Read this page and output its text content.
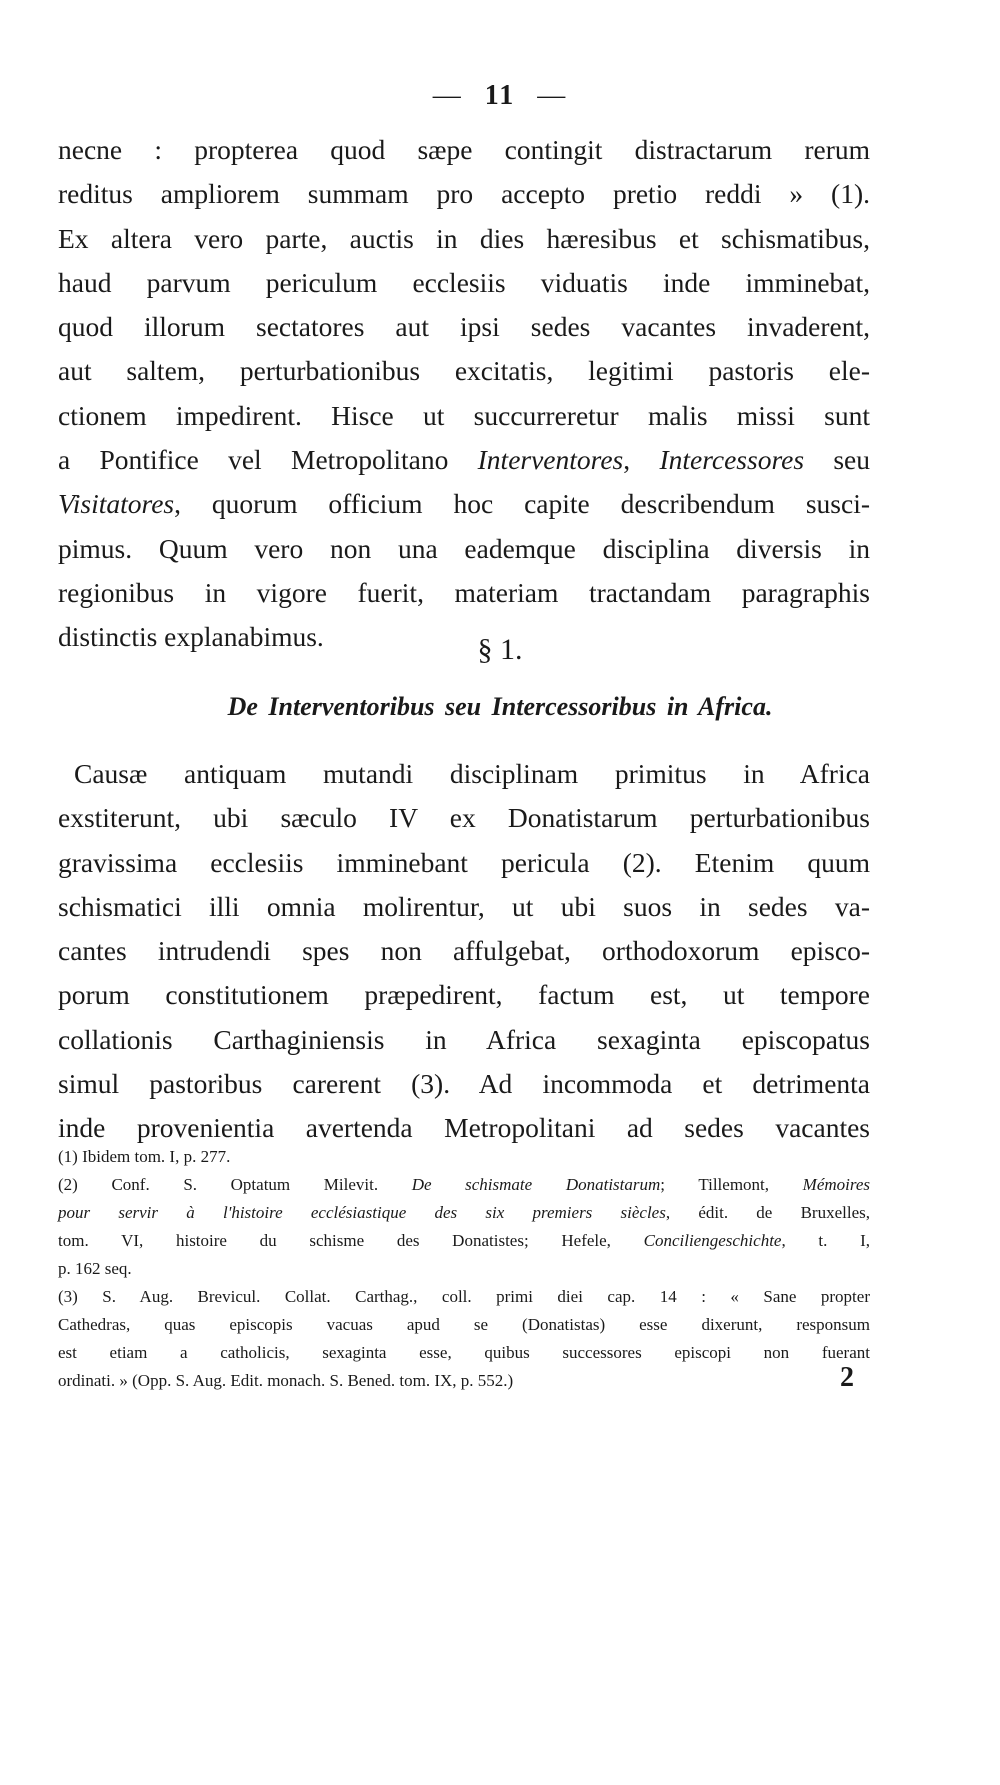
— 11 —
necne : propterea quod sæpe contingit distractarum rerum
reditus ampliorem summam pro accepto pretio reddi » (1).
Ex altera vero parte, auctis in dies hæresibus et schismatibus,
haud parvum periculum ecclesiis viduatis inde imminebat,
quod illorum sectatores aut ipsi sedes vacantes invaderent,
aut saltem, perturbationibus excitatis, legitimi pastoris ele-
ctionem impedirent. Hisce ut succurreretur malis missi sunt
a Pontifice vel Metropolitano Interventores, Intercessores seu
Visitatores, quorum officium hoc capite describendum susci-
pimus. Quum vero non una eademque disciplina diversis in
regionibus in vigore fuerit, materiam tractandam paragraphis
distinctis explanabimus.	§ 1.
De Interventoribus seu Intercessoribus in Africa.
Causæ antiquam mutandi disciplinam primitus in Africa
exstiterunt, ubi sæculo IV ex Donatistarum perturbationibus
gravissima ecclesiis imminebant pericula (2). Etenim quum
schismatici illi omnia molirentur, ut ubi suos in sedes va-
cantes intrudendi spes non affulgebat, orthodoxorum episco-
porum constitutionem præpedirent, factum est, ut tempore
collationis Carthaginiensis in Africa sexaginta episcopatus
simul pastoribus carerent (3). Ad incommoda et detrimenta
inde provenientia avertenda Metropolitani ad sedes vacantes
(1) Ibidem tom. I, p. 277.
(2) Conf. S. Optatum Milevit. De schismate Donatistarum; Tillemont, Mémoires
pour servir à l'histoire ecclésiastique des six premiers siècles, édit. de Bruxelles,
tom. VI, histoire du schisme des Donatistes; Hefele, Conciliengeschichte, t. I,
p. 162 seq.
(3) S. Aug. Brevicul. Collat. Carthag., coll. primi diei cap. 14 : « Sane propter
Cathedras, quas episcopis vacuas apud se (Donatistas) esse dixerunt, responsum
est etiam a catholicis, sexaginta esse, quibus successores episcopi non fuerant
ordinati. » (Opp. S. Aug. Edit. monach. S. Bened. tom. IX, p. 552.)	2
